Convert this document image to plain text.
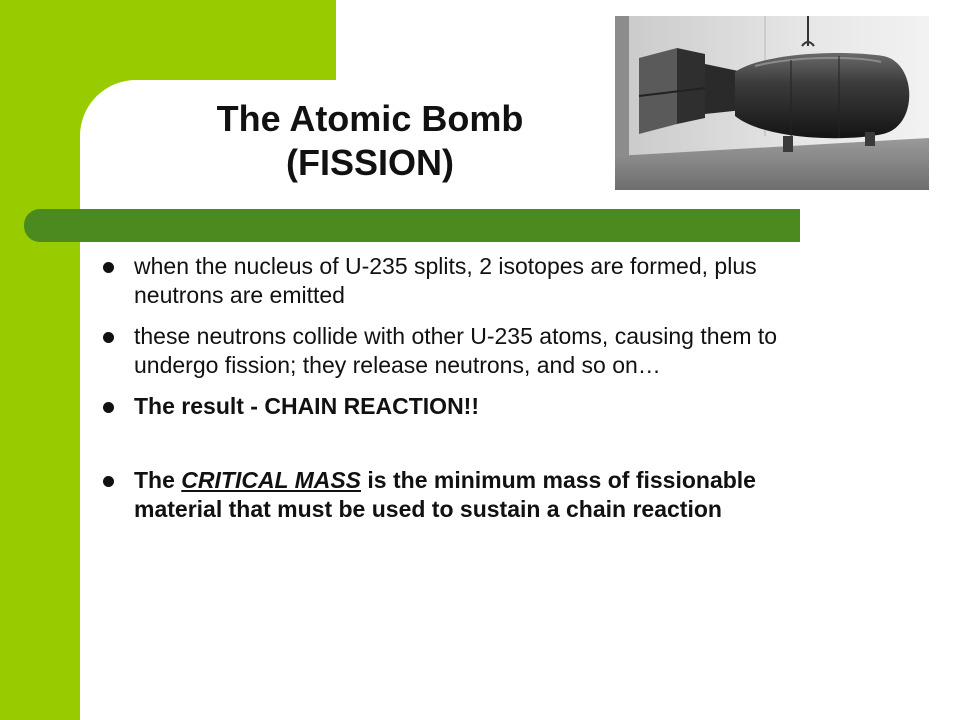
The Atomic Bomb
(FISSION)
when the nucleus of U-235 splits, 2 isotopes are formed, plus neutrons are emitted
these neutrons collide with other U-235 atoms, causing them to undergo fission; they release neutrons, and so on…
The result - CHAIN REACTION!!
The CRITICAL MASS is the minimum mass of fissionable material that must be used to sustain a chain reaction
